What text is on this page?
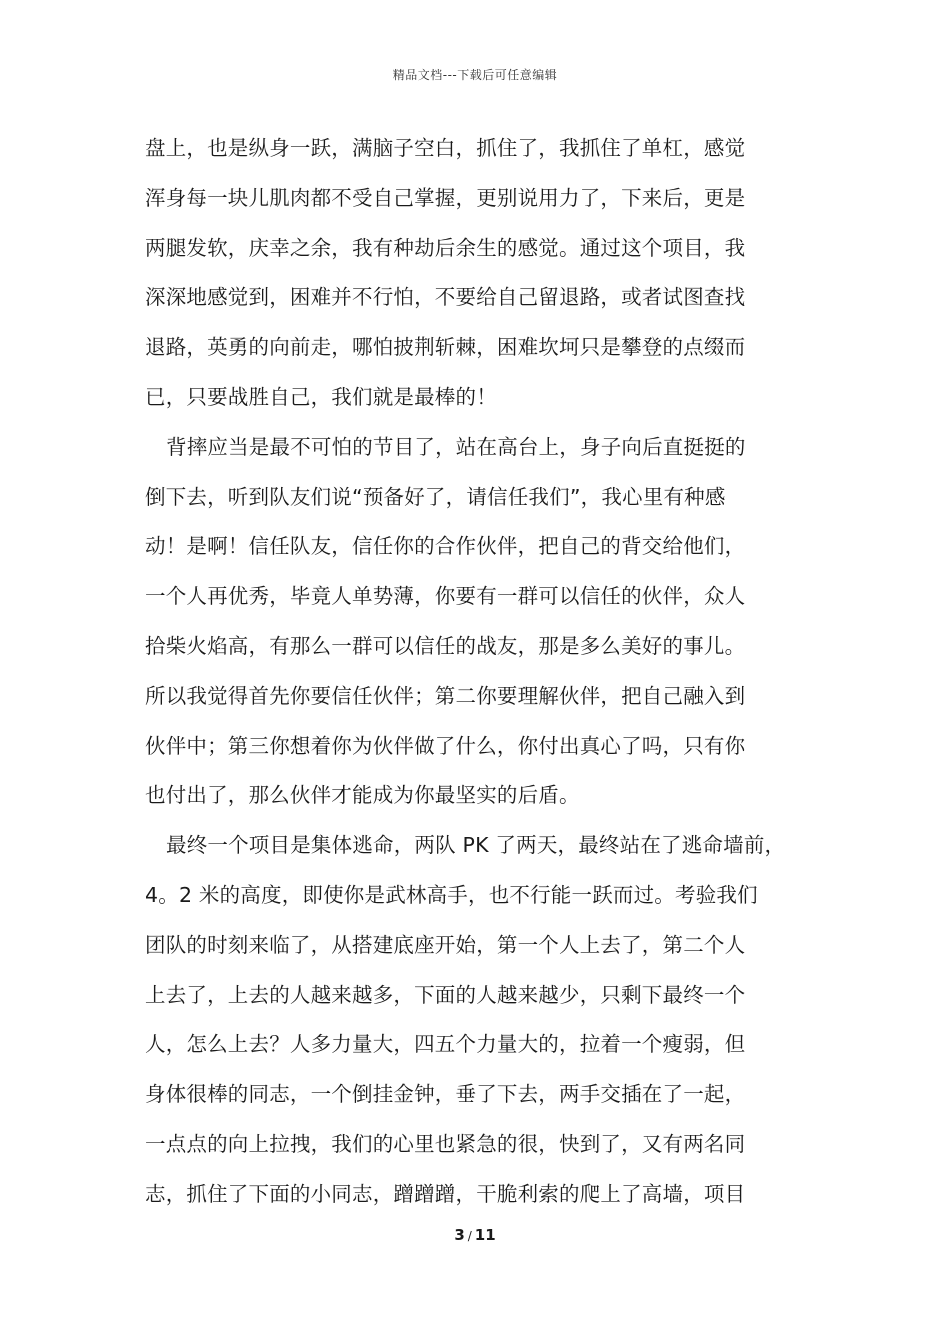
精品文档---下载后可任意编辑
盘上，也是纵身一跃，满脑子空白，抓住了，我抓住了单杠，感觉
浑身每一块儿肌肉都不受自己掌握，更别说用力了，下来后，更是
两腿发软，庆幸之余，我有种劫后余生的感觉。通过这个项目，我
深深地感觉到，困难并不行怕，不要给自己留退路，或者试图查找
退路，英勇的向前走，哪怕披荆斩棘，困难坎坷只是攀登的点缀而
已，只要战胜自己，我们就是最棒的！
背摔应当是最不可怕的节目了，站在高台上，身子向后直挺挺的
倒下去，听到队友们说“预备好了，请信任我们”，我心里有种感
动！是啊！信任队友，信任你的合作伙伴，把自己的背交给他们，
一个人再优秀，毕竟人单势薄，你要有一群可以信任的伙伴，众人
拾柴火焰高，有那么一群可以信任的战友，那是多么美好的事儿。
所以我觉得首先你要信任伙伴；第二你要理解伙伴，把自己融入到
伙伴中；第三你想着你为伙伴做了什么，你付出真心了吗，只有你
也付出了，那么伙伴才能成为你最坚实的后盾。
最终一个项目是集体逃命，两队 PK 了两天，最终站在了逃命墙前，
4。2 米的高度，即使你是武林高手，也不行能一跃而过。考验我们
团队的时刻来临了，从搭建底座开始，第一个人上去了，第二个人
上去了，上去的人越来越多，下面的人越来越少，只剩下最终一个
人，怎么上去？人多力量大，四五个力量大的，拉着一个瘦弱，但
身体很棒的同志，一个倒挂金钟，垂了下去，两手交插在了一起，
一点点的向上拉拽，我们的心里也紧急的很，快到了，又有两名同
志，抓住了下面的小同志，蹭蹭蹭，干脆利索的爬上了高墙，项目
3 / 11
